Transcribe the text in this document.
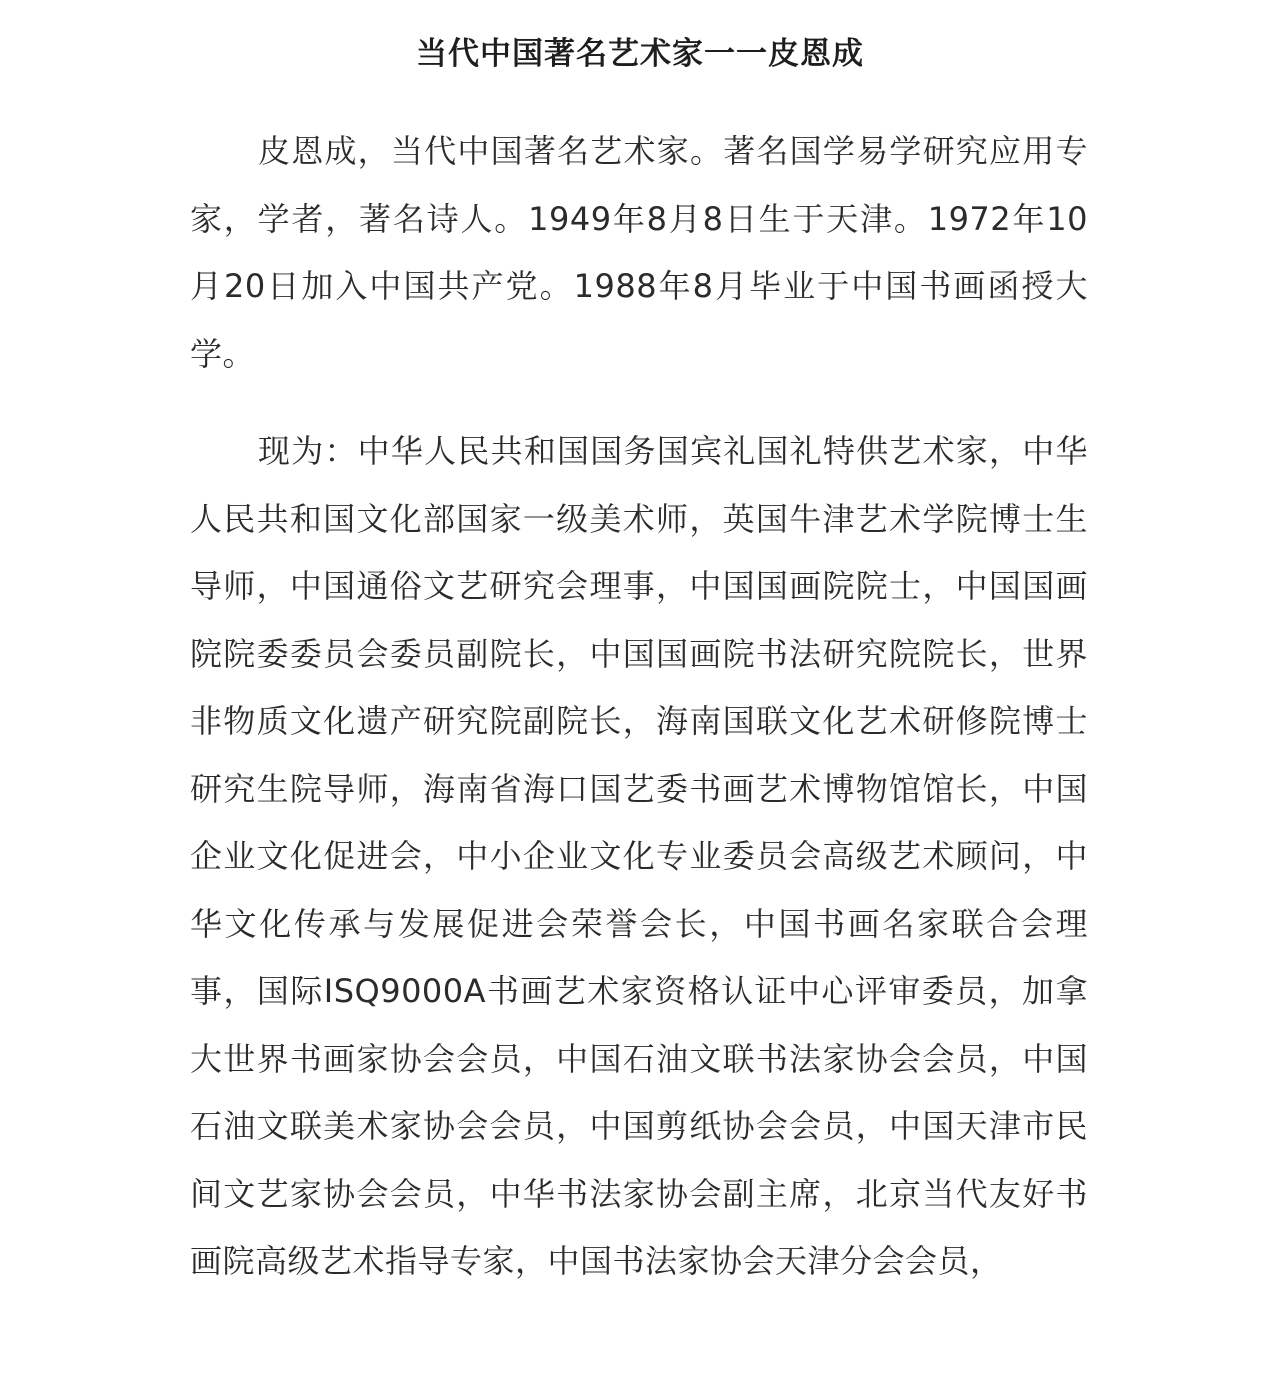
当代中国著名艺术家一一皮恩成

皮恩成，当代中国著名艺术家。著名国学易学研究应用专家，学者，著名诗人。1949年8月8日生于天津。1972年10月20日加入中国共产党。1988年8月毕业于中国书画函授大学。

现为：中华人民共和国国务国宾礼国礼特供艺术家，中华人民共和国文化部国家一级美术师，英国牛津艺术学院博士生导师，中国通俗文艺研究会理事，中国国画院院士，中国国画院院委委员会委员副院长，中国国画院书法研究院院长，世界非物质文化遗产研究院副院长，海南国联文化艺术研修院博士研究生院导师，海南省海口国艺委书画艺术博物馆馆长，中国企业文化促进会，中小企业文化专业委员会高级艺术顾问，中华文化传承与发展促进会荣誉会长，中国书画名家联合会理事，国际ISQ9000A书画艺术家资格认证中心评审委员，加拿大世界书画家协会会员，中国石油文联书法家协会会员，中国石油文联美术家协会会员，中国剪纸协会会员，中国天津市民间文艺家协会会员，中华书法家协会副主席，北京当代友好书画院高级艺术指导专家，中国书法家协会天津分会会员，
